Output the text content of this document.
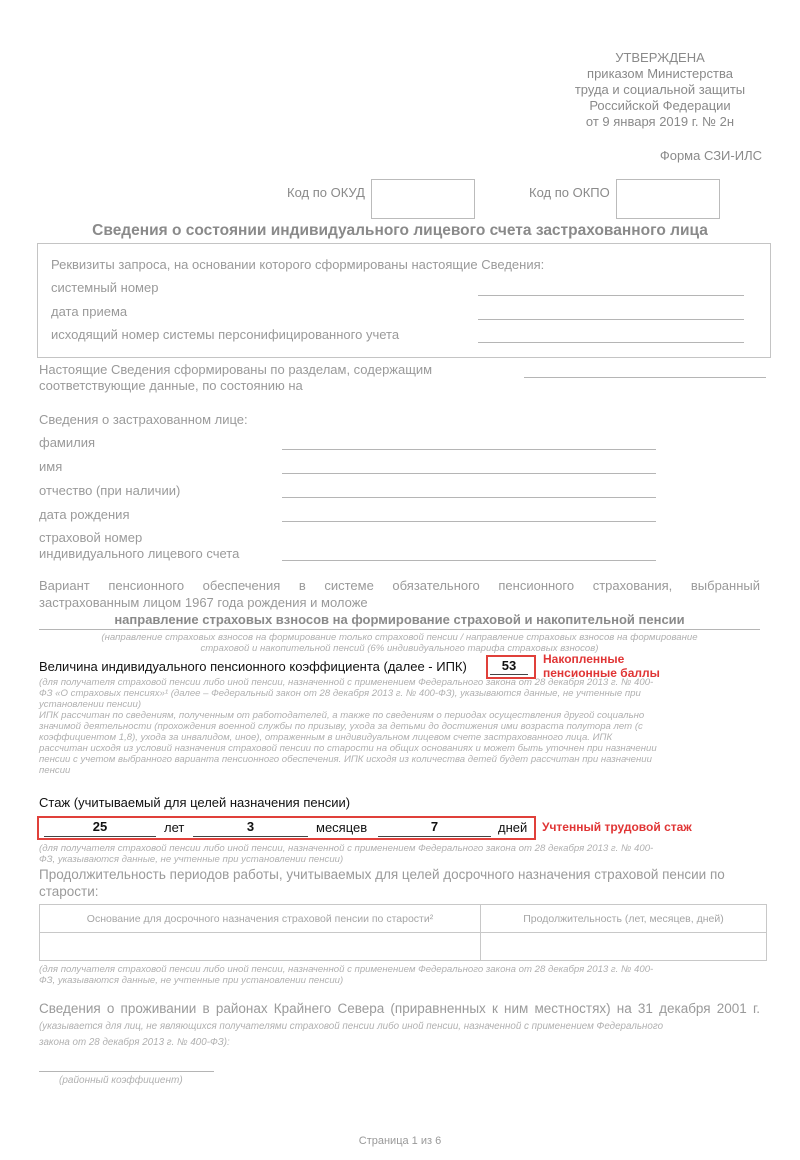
УТВЕРЖДЕНА
приказом Министерства
труда и социальной защиты
Российской Федерации
от 9 января 2019 г. № 2н
Форма СЗИ-ИЛС
Код по ОКУД	Код по ОКПО
Сведения о состоянии индивидуального лицевого счета застрахованного лица
Реквизиты запроса, на основании которого сформированы настоящие Сведения:
системный номер
дата приема
исходящий номер системы персонифицированного учета
Настоящие Сведения сформированы по разделам, содержащим
соответствующие данные, по состоянию на
Сведения о застрахованном лице:
фамилия
имя
отчество (при наличии)
дата рождения
страховой номер
индивидуального лицевого счета
Вариант пенсионного обеспечения в системе обязательного пенсионного страхования, выбранный
застрахованным лицом 1967 года рождения и моложе
направление страховых взносов на формирование страховой и накопительной пенсии
(направление страховых взносов на формирование только страховой пенсии / направление страховых взносов на формирование
страховой и накопительной пенсий (6% индивидуального тарифа страховых взносов)
Величина индивидуального пенсионного коэффициента (далее - ИПК)	53	Накопленные
пенсионные баллы
(для получателя страховой пенсии либо иной пенсии, назначенной с применением Федерального закона от 28 декабря 2013 г. № 400-
ФЗ «О страховых пенсиях»¹ (далее – Федеральный закон от 28 декабря 2013 г. № 400-ФЗ), указываются данные, не учтенные при
установлении пенсии)
ИПК рассчитан по сведениям, полученным от работодателей, а также по сведениям о периодах осуществления другой социально
значимой деятельности (прохождения военной службы по призыву, ухода за детьми до достижения ими возраста полутора лет (с
коэффициентом 1,8), ухода за инвалидом, иное), отраженным в индивидуальном лицевом счете застрахованного лица. ИПК
рассчитан исходя из условий назначения страховой пенсии по старости на общих основаниях и может быть уточнен при назначении
пенсии с учетом выбранного варианта пенсионного обеспечения. ИПК исходя из количества детей будет рассчитан при назначении
пенсии
Стаж (учитываемый для целей назначения пенсии)
25	лет	3	месяцев	7	дней Учтенный трудовой стаж
(для получателя страховой пенсии либо иной пенсии, назначенной с применением Федерального закона от 28 декабря 2013 г. № 400-
ФЗ, указываются данные, не учтенные при установлении пенсии)
Продолжительность периодов работы, учитываемых для целей досрочного назначения страховой пенсии по
старости:
Основание для досрочного назначения страховой пенсии по старости²	Продолжительность (лет, месяцев, дней)

(для получателя страховой пенсии либо иной пенсии, назначенной с применением Федерального закона от 28 декабря 2013 г. № 400-
ФЗ, указываются данные, не учтенные при установлении пенсии)
Сведения о проживании в районах Крайнего Севера (приравненных к ним местностях) на 31 декабря 2001 г.
(указывается для лиц, не являющихся получателями страховой пенсии либо иной пенсии, назначенной с применением Федерального
закона от 28 декабря 2013 г. № 400-ФЗ):
(районный коэффициент)
Страница 1 из 6
